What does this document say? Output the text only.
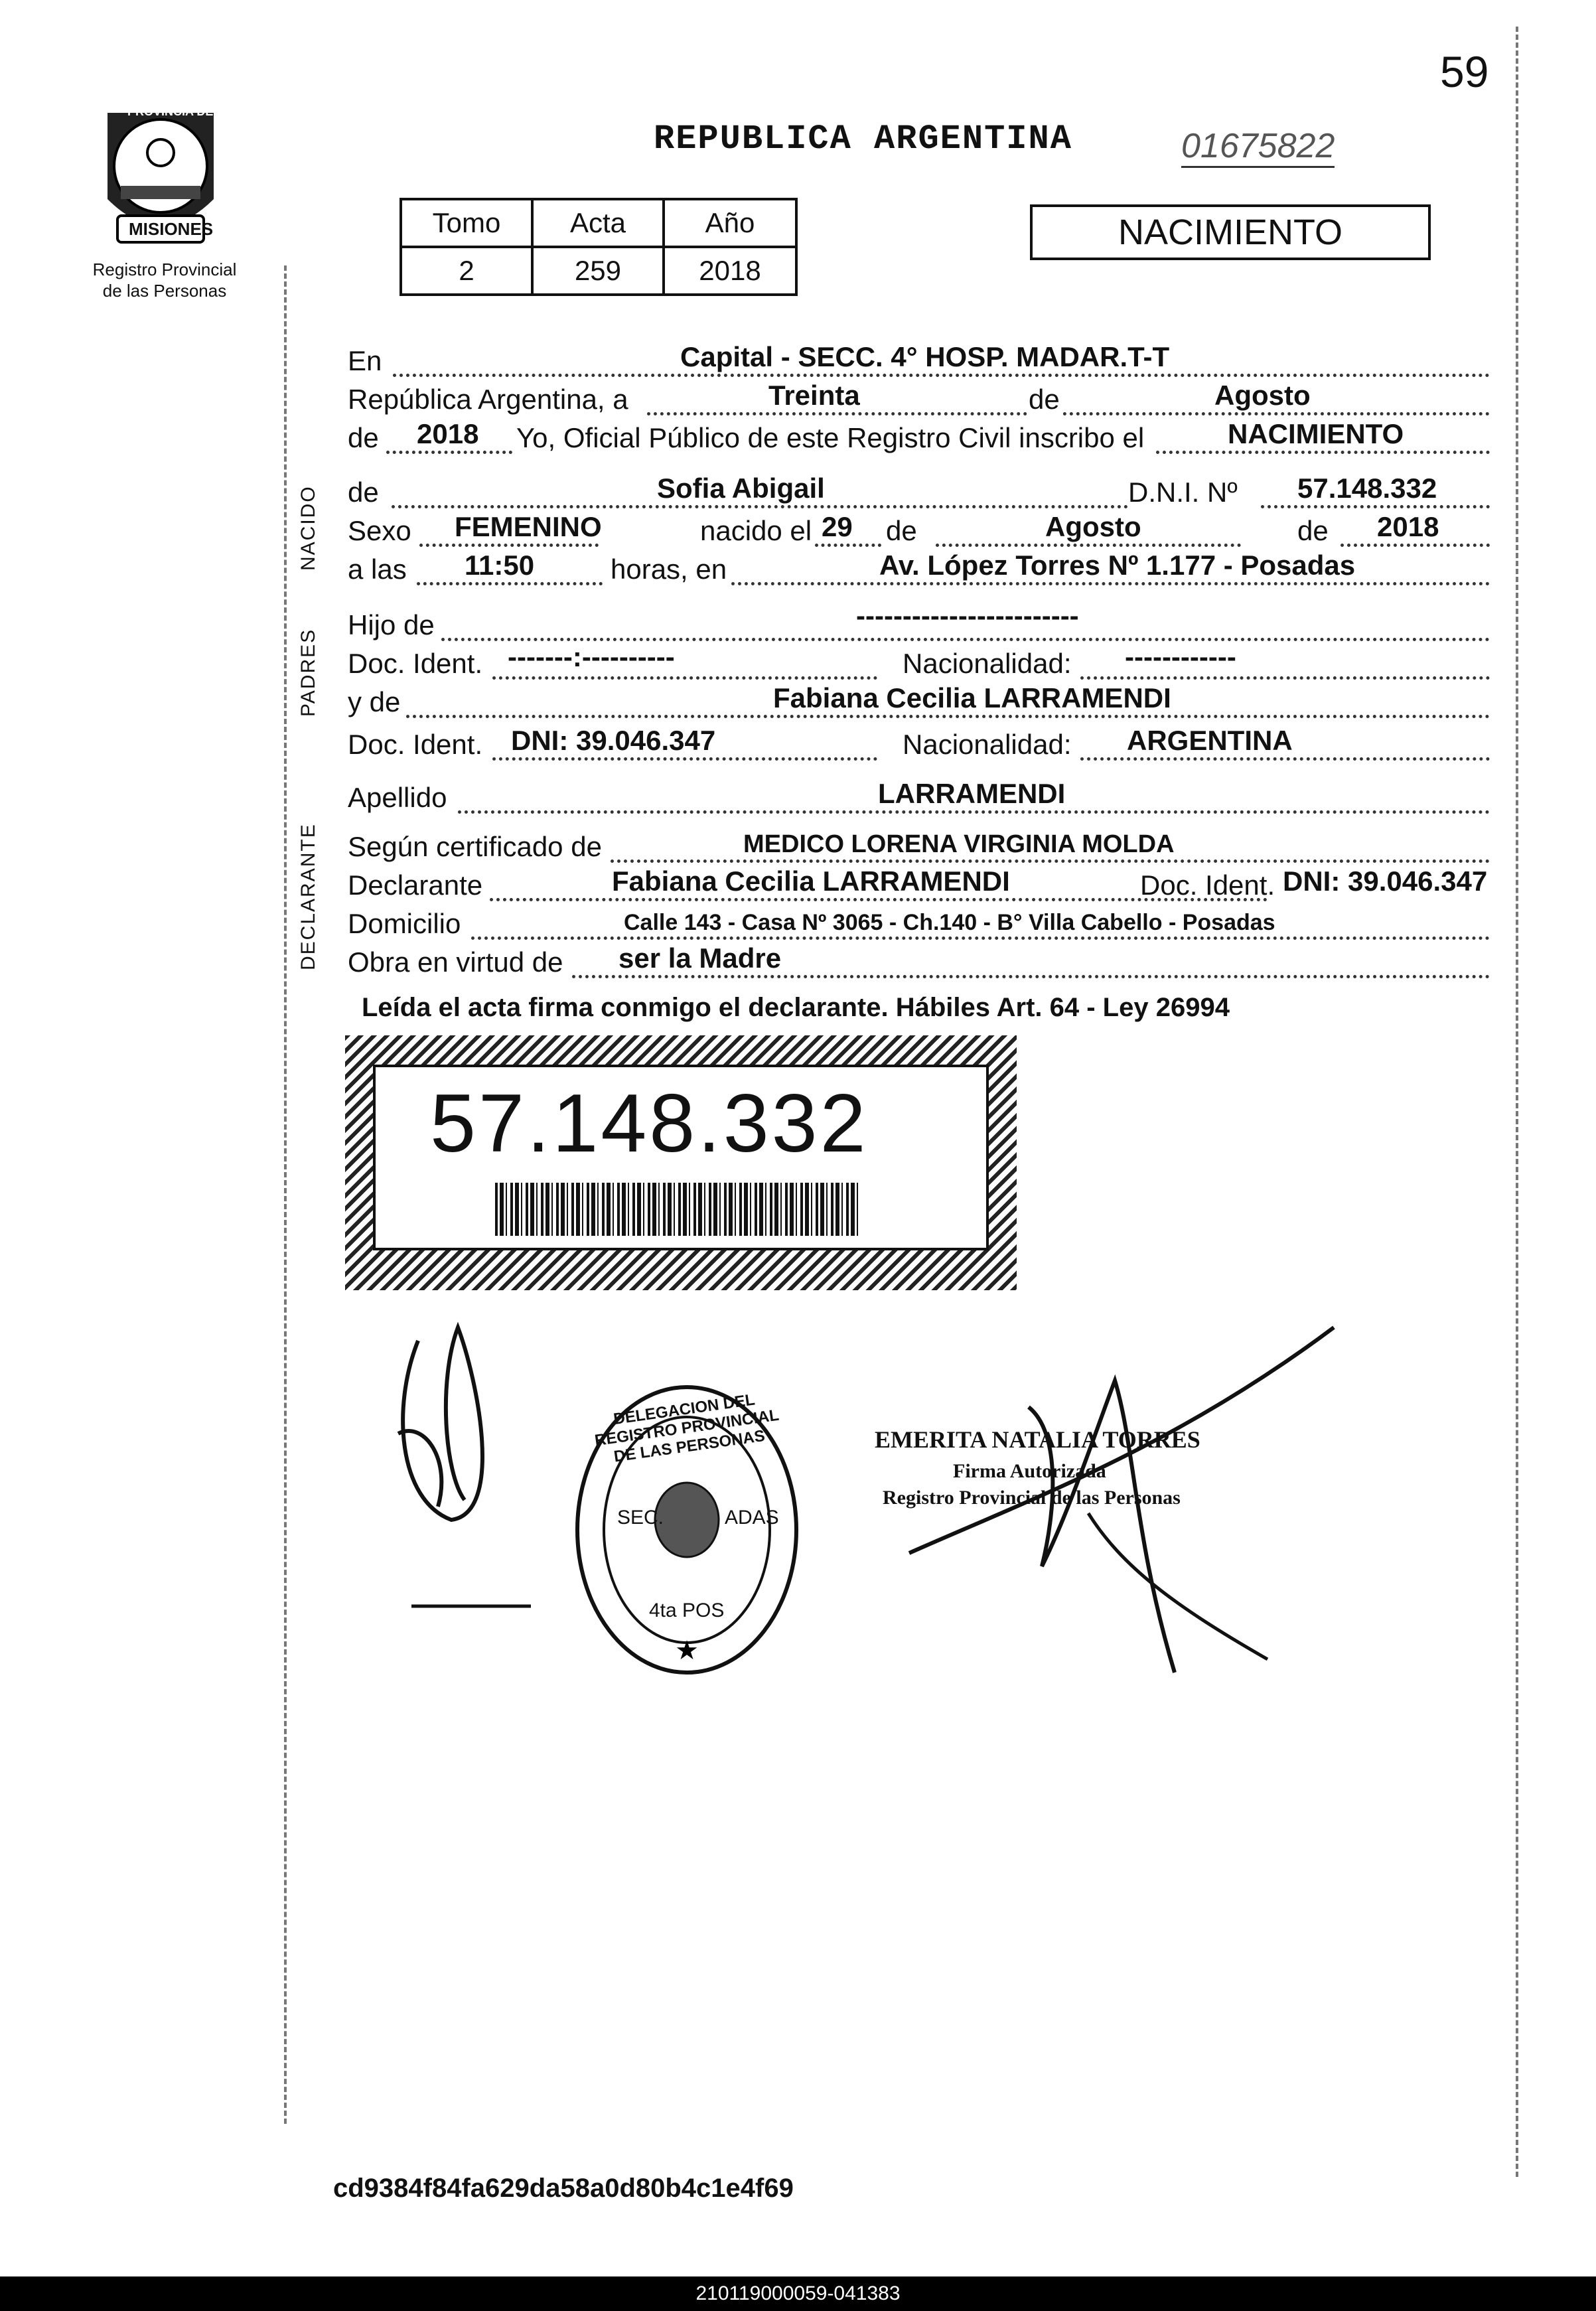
59
PROVINCIA DE
MISIONES
Registro Provincial
de las Personas
REPUBLICA ARGENTINA	01675822
Tomo	Acta	Año
2	259	2018
NACIMIENTO
NACIDO
PADRES
DECLARANTE
En	Capital - SECC. 4° HOSP. MADAR.T-T
República Argentina, a	Treinta	de	Agosto
de 2018 Yo, Oficial Público de este Registro Civil inscribo el	NACIMIENTO
de	Sofia Abigail	D.N.I. Nº 57.148.332
Sexo FEMENINO	nacido el 29 de	Agosto	de 2018
a las 11:50	horas, en	Av. López Torres Nº 1.177 - Posadas
Hijo de	------------------------
Doc. Ident. -------:----------	Nacionalidad: ------------
y de	Fabiana Cecilia LARRAMENDI
Doc. Ident. DNI: 39.046.347	Nacionalidad: ARGENTINA
Apellido	LARRAMENDI
Según certificado de	MEDICO LORENA VIRGINIA MOLDA
Declarante	Fabiana Cecilia LARRAMENDI	Doc. Ident. DNI: 39.046.347
Domicilio	Calle 143 - Casa Nº 3065 - Ch.140 - B° Villa Cabello - Posadas
Obra en virtud de ser la Madre
Leída el acta firma conmigo el declarante. Hábiles Art. 64 - Ley 26994
57.148.332
★
DELEGACION DEL REGISTRO PROVINCIAL DE LAS PERSONAS
SEC.	ADAS
4ta POS
EMERITA NATALIA TORRES
Firma Autorizada
Registro Provincial de las Personas
cd9384f84fa629da58a0d80b4c1e4f69
210119000059-041383
